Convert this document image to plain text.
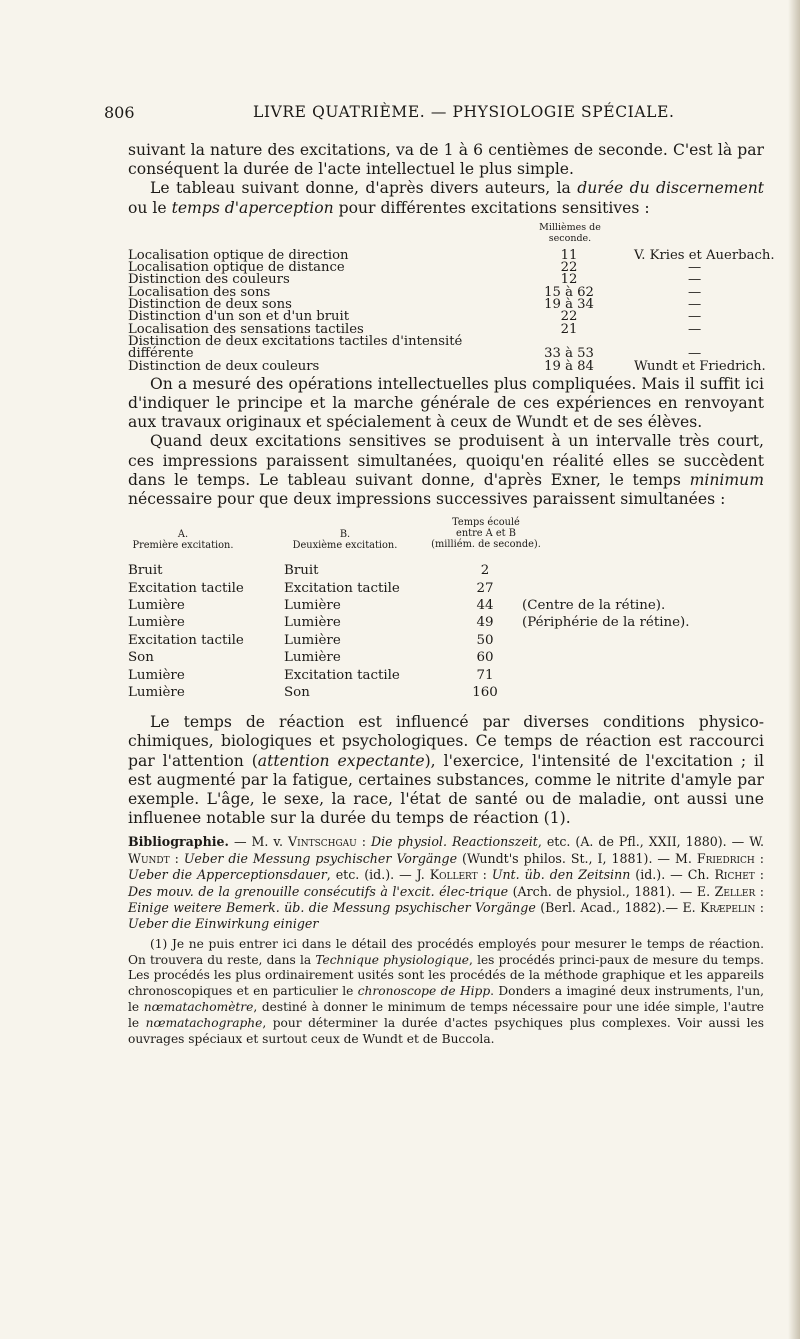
806	LIVRE QUATRIÈME. — PHYSIOLOGIE SPÉCIALE.

suivant la nature des excitations, va de 1 à 6 centièmes de seconde. C'est là par conséquent la durée de l'acte intellectuel le plus simple.

Le tableau suivant donne, d'après divers auteurs, la durée du discernement ou le temps d'aperception pour différentes excitations sensitives :

Millièmes de seconde.
Localisation optique de direction	11	V. Kries et Auerbach.
Localisation optique de distance	22	—
Distinction des couleurs	12	—
Localisation des sons	15 à 62	—
Distinction de deux sons	19 à 34	—
Distinction d'un son et d'un bruit	22	—
Localisation des sensations tactiles	21	—
Distinction de deux excitations tactiles d'intensité
différente	33 à 53	—
Distinction de deux couleurs	19 à 84	Wundt et Friedrich.

On a mesuré des opérations intellectuelles plus compliquées. Mais il suffit ici d'indiquer le principe et la marche générale de ces expériences en renvoyant aux travaux originaux et spécialement à ceux de Wundt et de ses élèves.

Quand deux excitations sensitives se produisent à un intervalle très court, ces impressions paraissent simultanées, quoiqu'en réalité elles se succèdent dans le temps. Le tableau suivant donne, d'après Exner, le temps minimum nécessaire pour que deux impressions successives paraissent simultanées :

A.
Première excitation.
B.
Deuxième excitation.
Temps écoulé
entre A et B
(milliém. de seconde).
Bruit	Bruit	2
Excitation tactile	Excitation tactile	27
Lumière	Lumière	44	(Centre de la rétine).
Lumière	Lumière	49	(Périphérie de la rétine).
Excitation tactile	Lumière	50
Son	Lumière	60
Lumière	Excitation tactile	71
Lumière	Son	160

Le temps de réaction est influencé par diverses conditions physico-chimiques, biologiques et psychologiques. Ce temps de réaction est raccourci par l'attention (attention expectante), l'exercice, l'intensité de l'excitation ; il est augmenté par la fatigue, certaines substances, comme le nitrite d'amyle par exemple. L'âge, le sexe, la race, l'état de santé ou de maladie, ont aussi une influenee notable sur la durée du temps de réaction (1).

Bibliographie. — M. v. Vintschgau : Die physiol. Reactionszeit, etc. (A. de Pfl., XXII, 1880). — W. Wundt : Ueber die Messung psychischer Vorgänge (Wundt's philos. St., I, 1881). — M. Friedrich : Ueber die Apperceptionsdauer, etc. (id.). — J. Kollert : Unt. üb. den Zeitsinn (id.). — Ch. Richet : Des mouv. de la grenouille consécutifs à l'excit. élec-trique (Arch. de physiol., 1881). — E. Zeller : Einige weitere Bemerk. üb. die Messung psychischer Vorgänge (Berl. Acad., 1882).— E. Kræpelin : Ueber die Einwirkung einiger

(1) Je ne puis entrer ici dans le détail des procédés employés pour mesurer le temps de réaction. On trouvera du reste, dans la Technique physiologique, les procédés princi-paux de mesure du temps. Les procédés les plus ordinairement usités sont les procédés de la méthode graphique et les appareils chronoscopiques et en particulier le chronoscope de Hipp. Donders a imaginé deux instruments, l'un, le nœmatachomètre, destiné à donner le minimum de temps nécessaire pour une idée simple, l'autre le nœmatachographe, pour déterminer la durée d'actes psychiques plus complexes. Voir aussi les ouvrages spéciaux et surtout ceux de Wundt et de Buccola.
